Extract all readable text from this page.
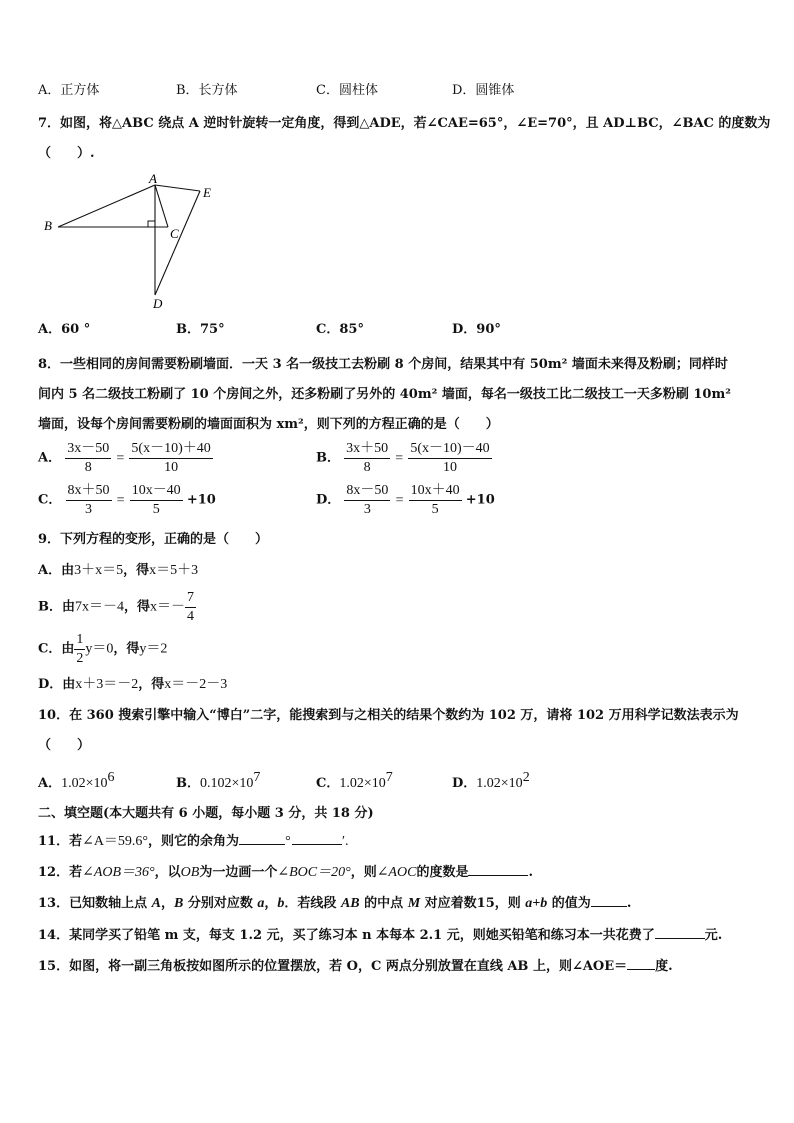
A．正方体	B．长方体	C．圆柱体	D．圆锥体
7．如图，将△ABC 绕点 A 逆时针旋转一定角度，得到△ADE，若∠CAE=65°，∠E=70°，且 AD⊥BC，∠BAC 的度数为
（　　）.
A
B
C
D
E
A．60 °	B．75°	C．85°	D．90°
8．一些相同的房间需要粉刷墙面．一天 3 名一级技工去粉刷 8 个房间，结果其中有 50m² 墙面未来得及粉刷；同样时
间内 5 名二级技工粉刷了 10 个房间之外，还多粉刷了另外的 40m² 墙面，每名一级技工比二级技工一天多粉刷 10m²
墙面，设每个房间需要粉刷的墙面面积为 xm²，则下列的方程正确的是（　　）
A． $\frac{3x-50}{8} = \frac{5(x-10)+40}{10}$	B． $\frac{3x+50}{8} = \frac{5(x-10)-40}{10}$
C． $\frac{8x+50}{3} = \frac{10x-40}{5} +10$	D． $\frac{8x-50}{3} = \frac{10x+40}{5} +10$
9．下列方程的变形，正确的是（　　）
A．由3＋x＝5，得x＝5＋3
B．由7x＝－4，得$x=- \frac{7}{4}$
C．由 $\frac{1}{2} y=0$，得y＝2
D．由x＋3＝－2，得x＝－2－3
10．在 360 搜索引擎中输入“博白”二字，能搜索到与之相关的结果个数约为 102 万，请将 102 万用科学记数法表示为
（　　）
A．$1.02\times 10^6$	B．$0.102\times 10^7$	C．$1.02\times 10^7$	D．$1.02\times 10^2$
二、填空题(本大题共有 6 小题，每小题 3 分，共 18 分)
11．若∠A＝59.6°，则它的余角为	° 	′.
12．若∠AOB＝36°，以OB为一边画一个∠BOC＝20°，则∠AOC的度数是	.
13．已知数轴上点 A，B 分别对应数 a，b．若线段 AB 的中点 M 对应着数15，则 a+b 的值为	.
14．某同学买了铅笔 m 支，每支 1.2 元，买了练习本 n 本每本 2.1 元，则她买铅笔和练习本一共花费了	元.
15．如图，将一副三角板按如图所示的位置摆放，若 O，C 两点分别放置在直线 AB 上，则∠AOE＝ 度.
